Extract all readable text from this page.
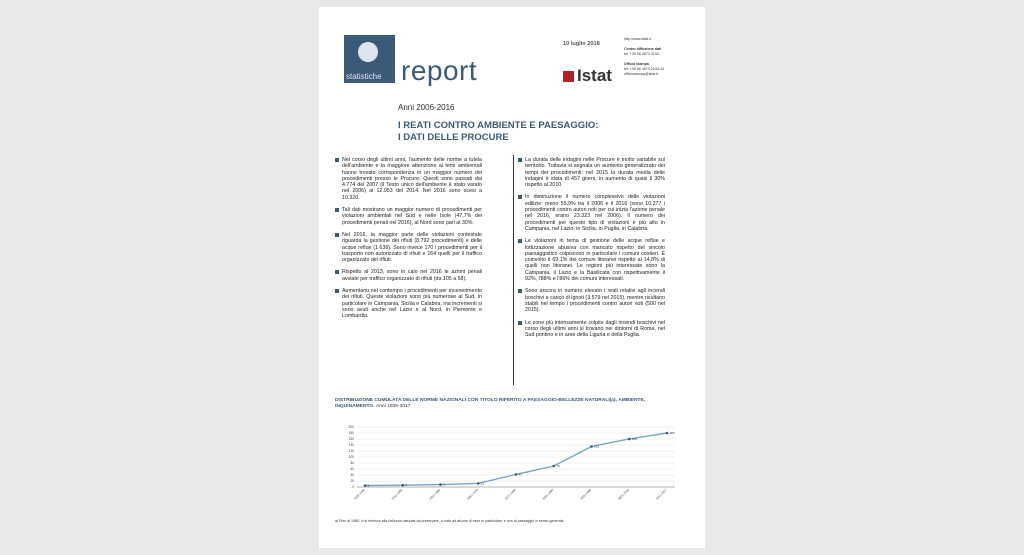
statistiche report
10 luglio 2018
Istat
http://www.istat.it
Centro diffusione dati
tel. +39 06 4673.3102
Ufficio stampa
tel. +39 06 4673.2243-44
ufficiostampa@istat.it
Anni 2006-2016
I REATI CONTRO AMBIENTE E PAESAGGIO:
I DATI DELLE PROCURE
Nel corso degli ultimi anni, l'aumento delle norme a tutela dell'ambiente e la maggiore attenzione ai temi ambientali hanno trovato corrispondenza in un maggior numero dei procedimenti presso le Procure. Questi sono passati dai 4.774 del 2007 (il Testo unico dell'ambiente è stato varato nel 2006) ai 12.953 del 2014. Nel 2016 sono scesi a 10.320.
Tali dati mostrano un maggior numero di procedimenti per violazioni ambientali nel Sud e nelle Isole (47,7% dei procedimenti penali nel 2016), al Nord sono pari al 30%.
Nel 2016, la maggior parte delle violazioni contestate riguarda la gestione dei rifiuti (8.792 procedimenti) e delle acque reflue (1.636). Sono invece 170 i procedimenti per il trasporto non autorizzato di rifiuti e 164 quelli per il traffico organizzato dei rifiuti.
Rispetto al 2013, sono in calo nel 2016 le azioni penali avviate per traffico organizzato di rifiuti (da 105 a 58).
Aumentano nel contempo i procedimenti per incenerimento dei rifiuti. Queste violazioni sono più numerose al Sud, in particolare in Campania, Sicilia e Calabria, ma incrementi si sono avuti anche nel Lazio e al Nord, in Piemonte e Lombardia.
La durata delle indagini nelle Procure è molto variabile sul territorio. Tuttavia si segnala un aumento generalizzato dei tempi dei procedimenti: nel 2015 la durata media delle indagini è stata di 457 giorni, in aumento di quasi il 30% rispetto al 2010.
In diminuzione il numero complessivo delle violazioni edilizie: meno 55,9% tra il 2006 e il 2016 (sono 10.277 i procedimenti contro autori noti per cui inizia l'azione penale nel 2016, erano 23.323 nel 2006). Il numero dei procedimenti per questo tipo di violazioni è più alto in Campania, nel Lazio, in Sicilia, in Puglia, in Calabria.
Le violazioni in tema di gestione delle acque reflue e lottizzazione abusiva con mancato rispetto del vincolo paesaggistico colpiscono in particolare i comuni costieri. È coinvolto il 69,1% dei comuni litoranei rispetto al 14,8% di quelli non litoranei. Le regioni più interessate sono la Campania, il Lazio e la Basilicata con rispettivamente il 92%, l'88% e l'86% dei comuni interessati.
Sono ancora in numero elevato i reati relativi agli incendi boschivi a carico di ignoti (3.579 nel 2015), mentre risultano stabili nel tempo i procedimenti contro autori noti (500 nel 2015).
Le zone più intensamente colpite dagli incendi boschivi nel corso degli ultimi anni si trovano nei dintorni di Roma, nel Sud pontino e in aree della Liguria e della Puglia.
DISTRIBUZIONE CUMULATA DELLE NORME NAZIONALI CON TITOLO RIFERITO A PAESAGGIO-BELLEZZE NATURALI(a), AMBIENTE, INQUINAMENTO. Anni 1935-2017
0
20
40
60
80
100
120
140
160
180
200
5	6	8	12
42
70
135
160
180
1935-1940	1941-1950	1951-1960	1961-1970	1971-1980	1981-1990	1991-2000	2001-2010	2011-2017
a) Fino al 1985, ci si riferisce alla bellezza naturale da preservare, a volte ad alcune di esse in particolare, e non al paesaggio in senso generale.
